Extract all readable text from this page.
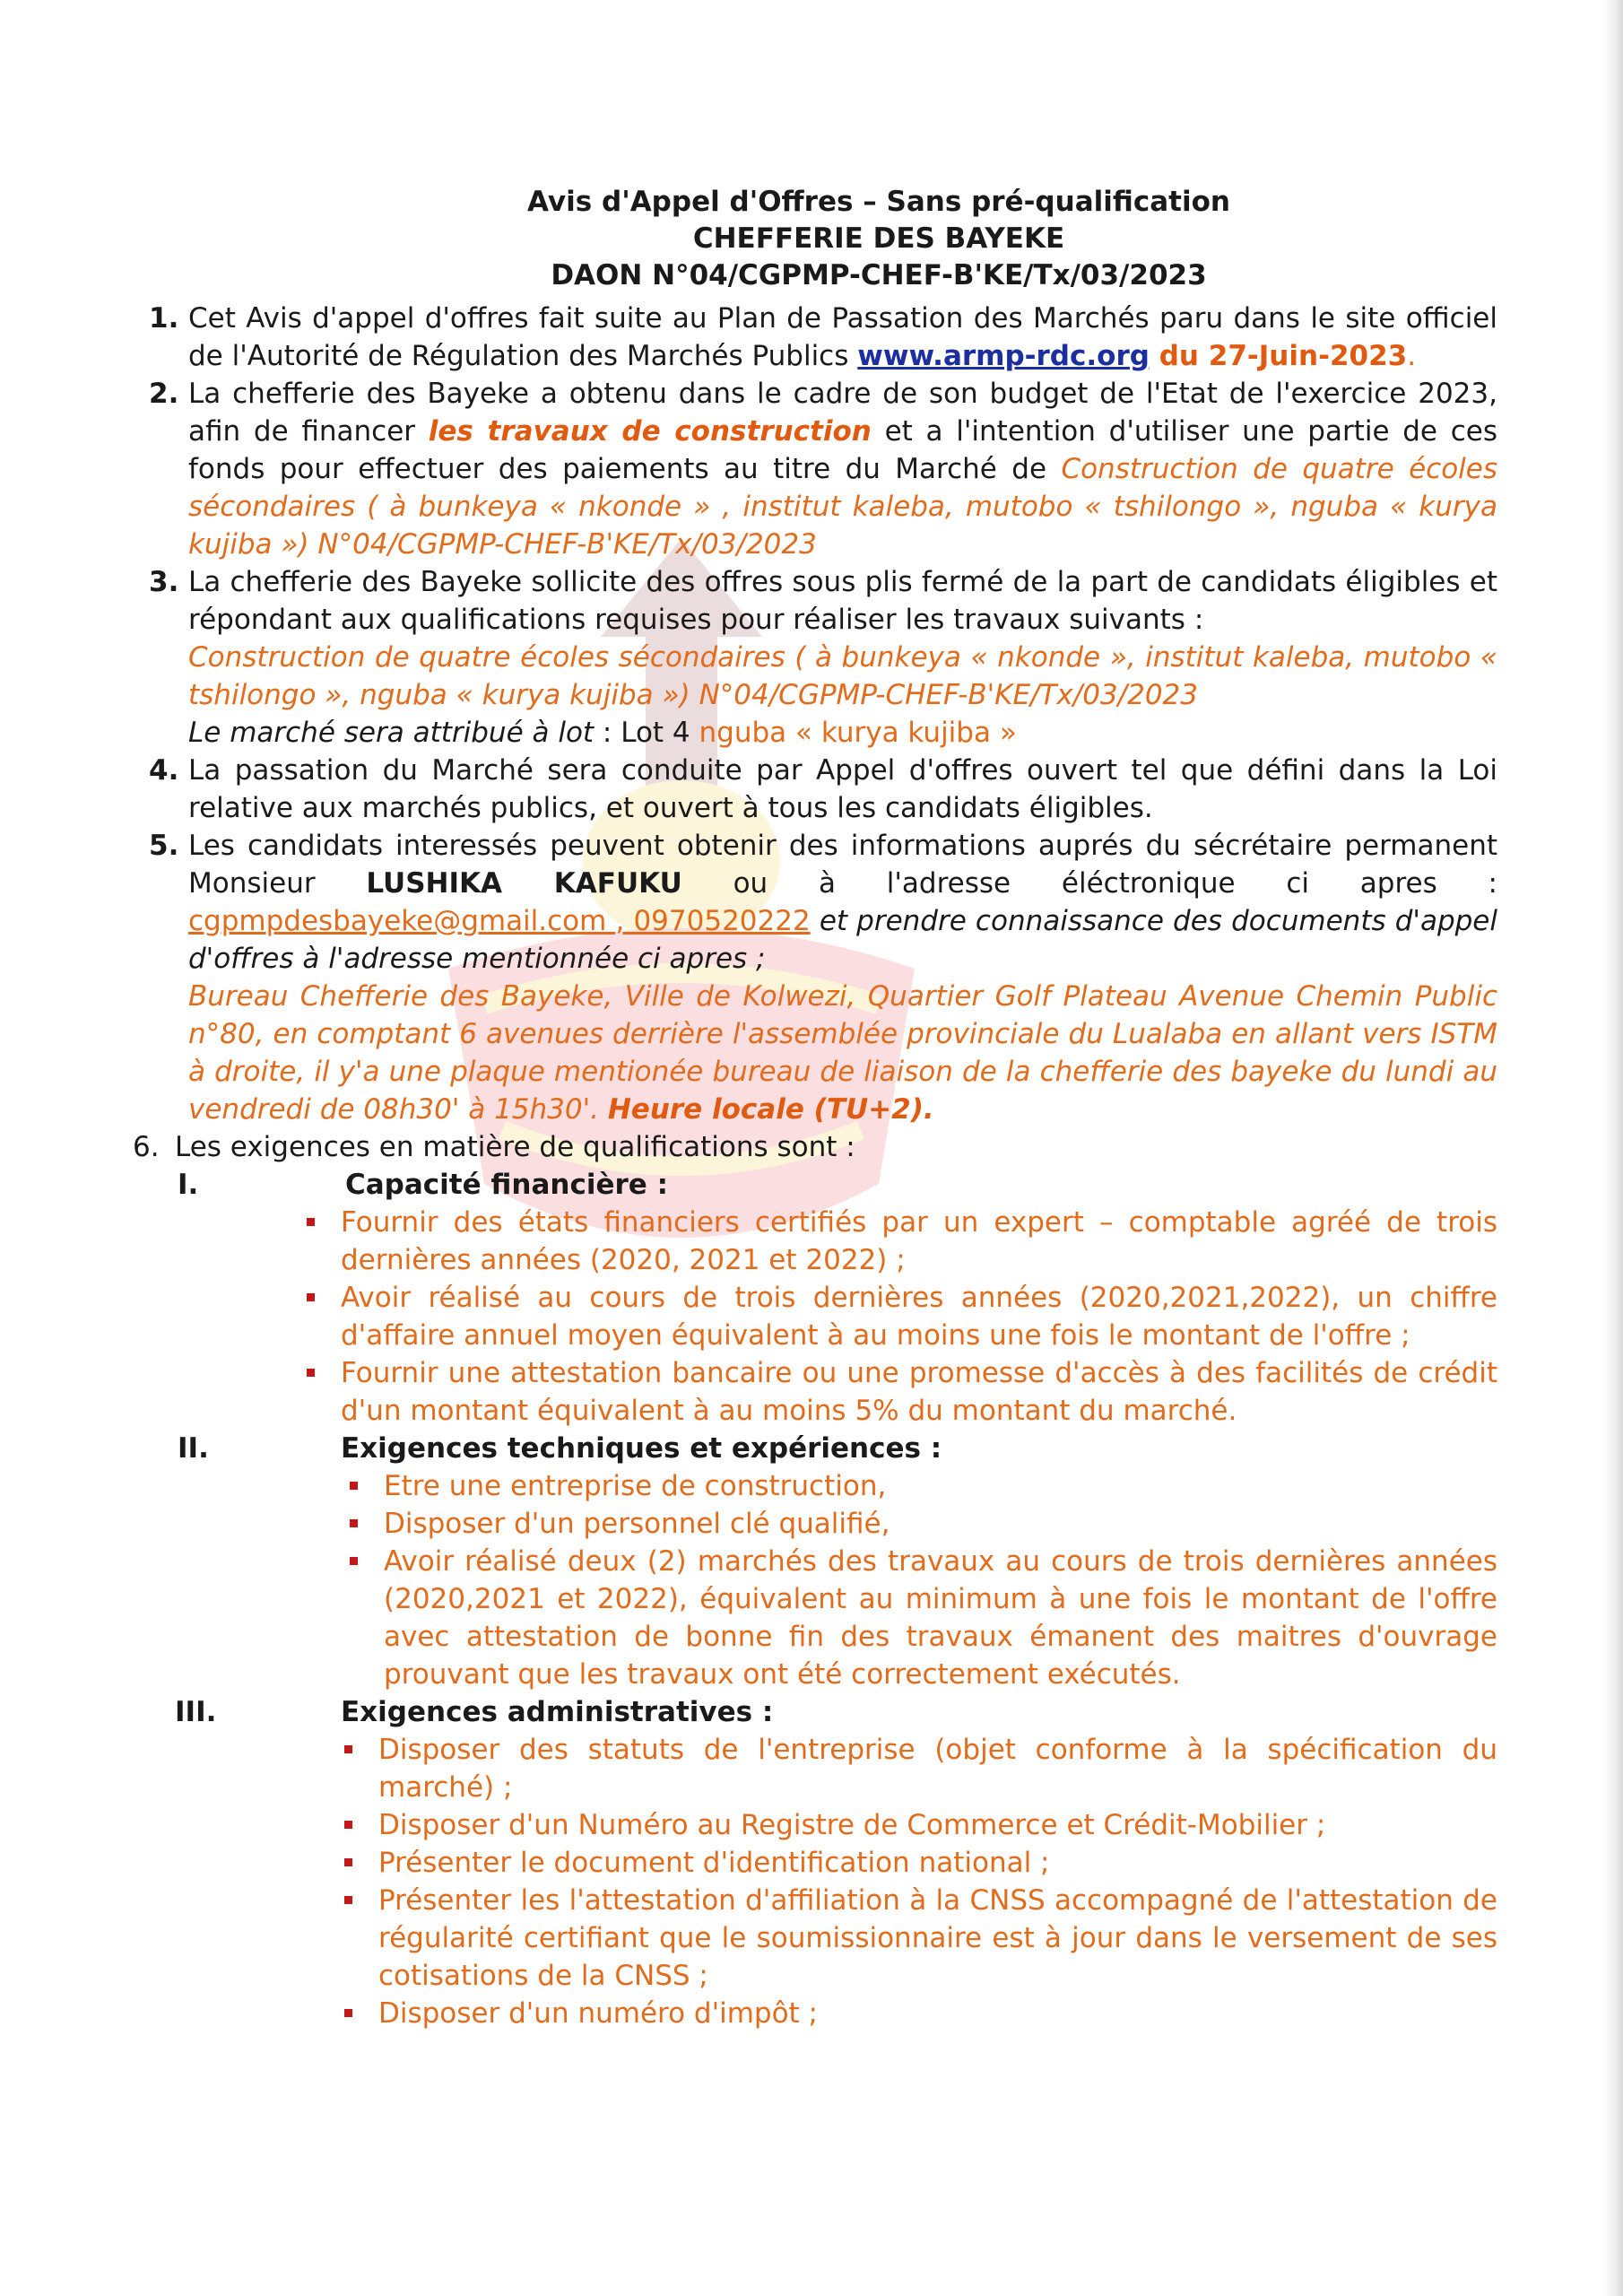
Avis d'Appel d'Offres – Sans pré-qualification
CHEFFERIE DES BAYEKE
DAON N°04/CGPMP-CHEF-B'KE/Tx/03/2023
1. Cet Avis d'appel d'offres fait suite au Plan de Passation des Marchés paru dans le site officiel de l'Autorité de Régulation des Marchés Publics www.armp-rdc.org du 27-Juin-2023.
2. La chefferie des Bayeke a obtenu dans le cadre de son budget de l'Etat de l'exercice 2023, afin de financer les travaux de construction et a l'intention d'utiliser une partie de ces fonds pour effectuer des paiements au titre du Marché de Construction de quatre écoles sécondaires ( à bunkeya « nkonde » , institut kaleba, mutobo « tshilongo », nguba « kurya kujiba ») N°04/CGPMP-CHEF-B'KE/Tx/03/2023
3. La chefferie des Bayeke sollicite des offres sous plis fermé de la part de candidats éligibles et répondant aux qualifications requises pour réaliser les travaux suivants :
Construction de quatre écoles sécondaires ( à bunkeya « nkonde », institut kaleba, mutobo « tshilongo », nguba « kurya kujiba ») N°04/CGPMP-CHEF-B'KE/Tx/03/2023
Le marché sera attribué à lot : Lot 4 nguba « kurya kujiba »
4. La passation du Marché sera conduite par Appel d'offres ouvert tel que défini dans la Loi relative aux marchés publics, et ouvert à tous les candidats éligibles.
5. Les candidats interessés peuvent obtenir des informations auprés du sécrétaire permanent Monsieur LUSHIKA KAFUKU ou à l'adresse éléctronique ci apres : cgpmpdesbayeke@gmail.com , 0970520222 et prendre connaissance des documents d'appel d'offres à l'adresse mentionnée ci apres ;
Bureau Chefferie des Bayeke, Ville de Kolwezi, Quartier Golf Plateau Avenue Chemin Public n°80, en comptant 6 avenues derrière l'assemblée provinciale du Lualaba en allant vers ISTM à droite, il y'a une plaque mentionée bureau de liaison de la chefferie des bayeke du lundi au vendredi de 08h30' à 15h30'. Heure locale (TU+2).
6. Les exigences en matière de qualifications sont :
I.	Capacité financière :
Fournir des états financiers certifiés par un expert – comptable agréé de trois dernières années (2020, 2021 et 2022) ;
Avoir réalisé au cours de trois dernières années (2020,2021,2022), un chiffre d'affaire annuel moyen équivalent à au moins une fois le montant de l'offre ;
Fournir une attestation bancaire ou une promesse d'accès à des facilités de crédit d'un montant équivalent à au moins 5% du montant du marché.
II.	Exigences techniques et expériences :
Etre une entreprise de construction,
Disposer d'un personnel clé qualifié,
Avoir réalisé deux (2) marchés des travaux au cours de trois dernières années (2020,2021 et 2022), équivalent au minimum à une fois le montant de l'offre avec attestation de bonne fin des travaux émanent des maitres d'ouvrage prouvant que les travaux ont été correctement exécutés.
III.	Exigences administratives :
Disposer des statuts de l'entreprise (objet conforme à la spécification du marché) ;
Disposer d'un Numéro au Registre de Commerce et Crédit-Mobilier ;
Présenter le document d'identification national ;
Présenter les l'attestation d'affiliation à la CNSS accompagné de l'attestation de régularité certifiant que le soumissionnaire est à jour dans le versement de ses cotisations de la CNSS ;
Disposer d'un numéro d'impôt ;
